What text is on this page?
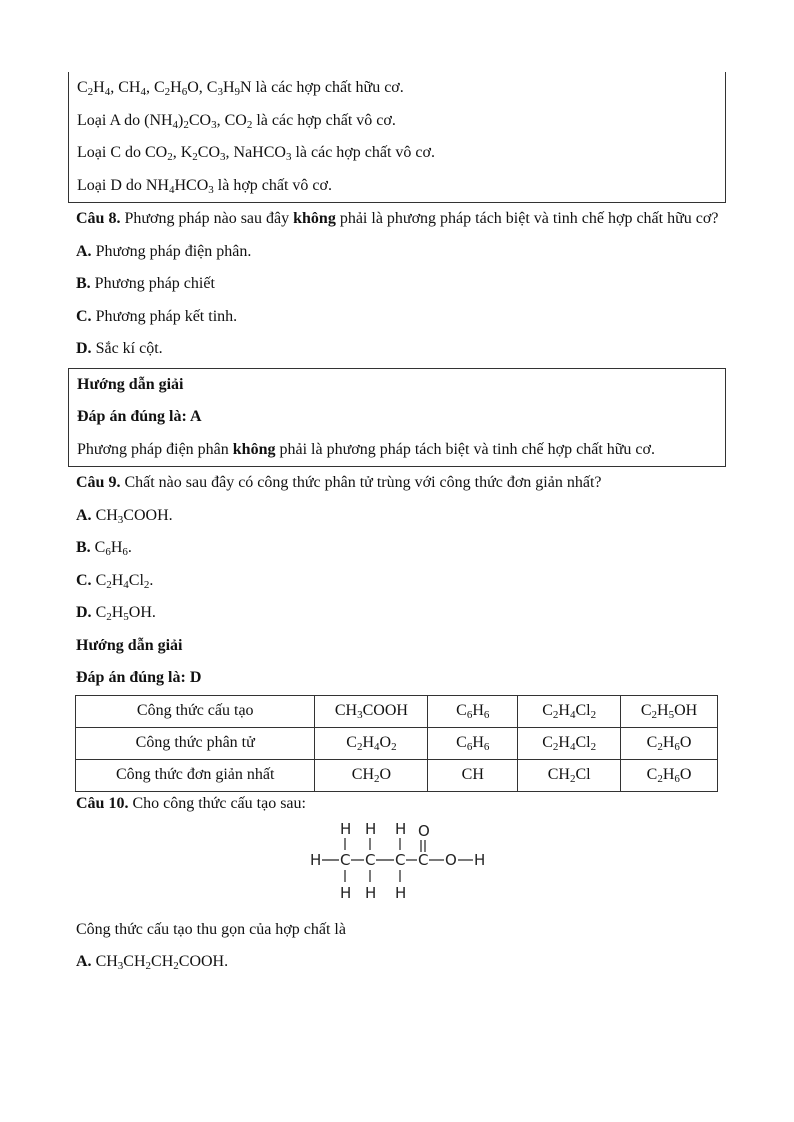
$C_2H_4$, $CH_4$, $C_2H_6O$, $C_3H_9N$ là các hợp chất hữu cơ.
Loại A do $(NH_4)_2CO_3$, $CO_2$ là các hợp chất vô cơ.
Loại C do $CO_2$, $K_2CO_3$, NaHCO$_3$ là các hợp chất vô cơ.
Loại D do $NH_4HCO_3$ là hợp chất vô cơ.
Câu 8. Phương pháp nào sau đây không phải là phương pháp tách biệt và tinh chế hợp chất hữu cơ?
A. Phương pháp điện phân.
B. Phương pháp chiết
C. Phương pháp kết tinh.
D. Sắc kí cột.
Hướng dẫn giải
Đáp án đúng là: A
Phương pháp điện phân không phải là phương pháp tách biệt và tinh chế hợp chất hữu cơ.
Câu 9. Chất nào sau đây có công thức phân tử trùng với công thức đơn giản nhất?
A. $CH_3COOH$.
B. $C_6H_6$.
C. $C_2H_4Cl_2$.
D. $C_2H_5OH$.
Hướng dẫn giải
Đáp án đúng là: D
Công thức cấu tạo	$CH_3COOH$	$C_6H_6$	$C_2H_4Cl_2$	$C_2H_5OH$
Công thức phân tử	$C_2H_4O_2$	$C_6H_6$	$C_2H_4Cl_2$	$C_2H_6O$
Công thức đơn giản nhất	$CH_2O$	CH	$CH_2Cl$	$C_2H_6O$
Câu 10. Cho công thức cấu tạo sau:
H H H O
H C C C C O H
H H H
Công thức cấu tạo thu gọn của hợp chất là
A. $CH_3CH_2CH_2COOH$.
